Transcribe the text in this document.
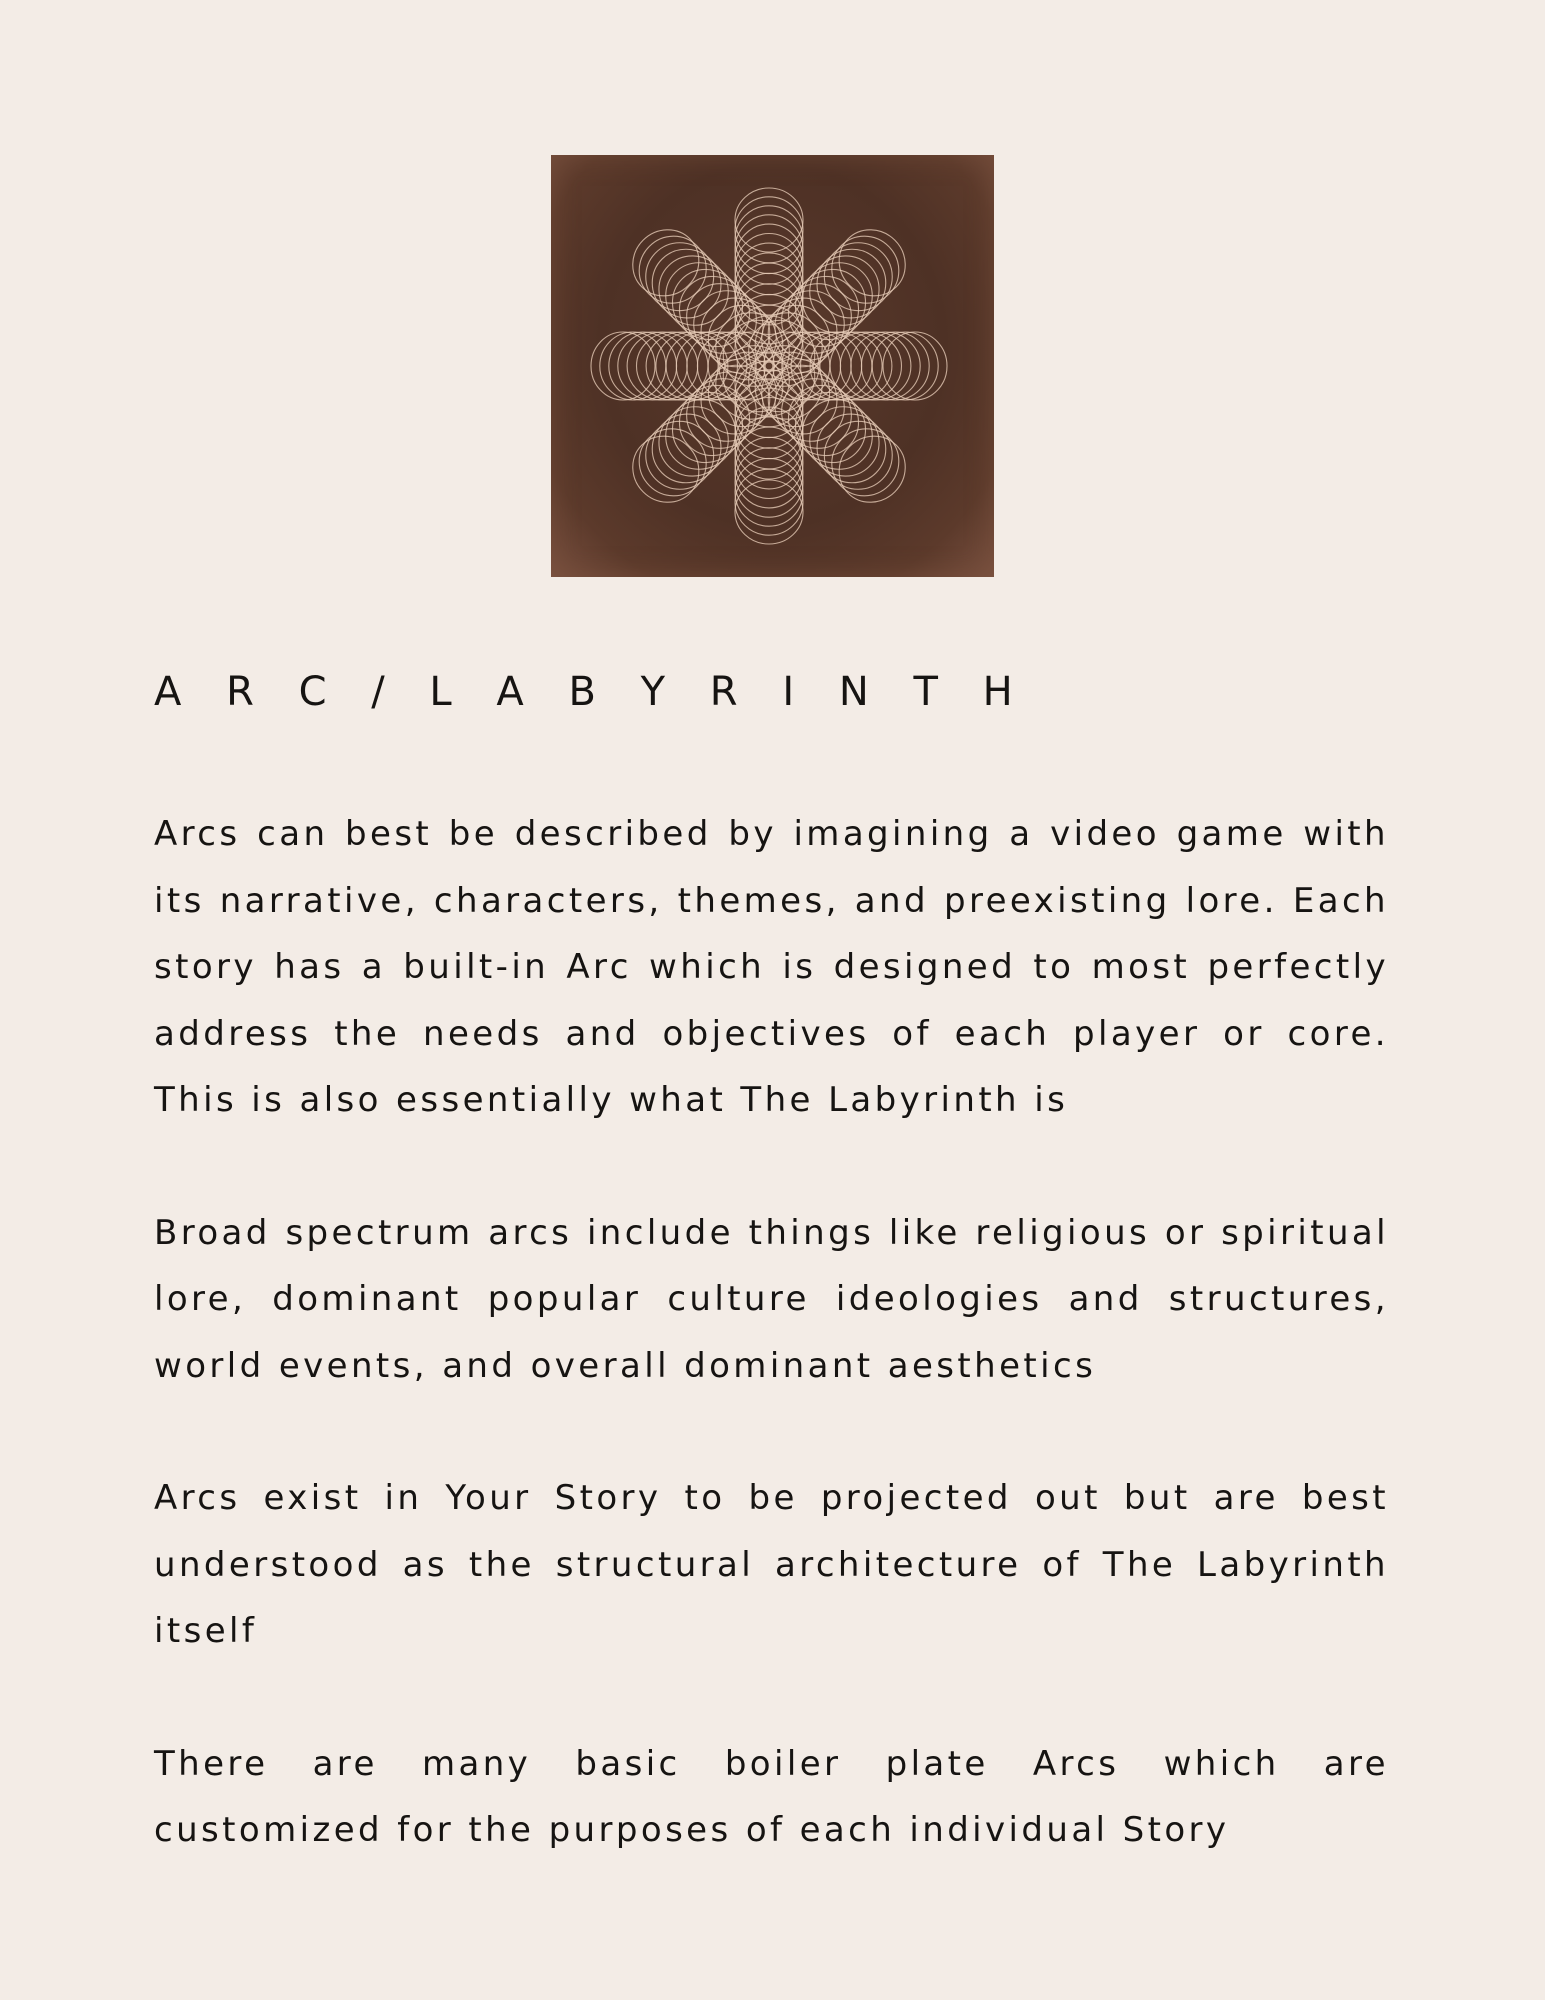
A R C / L A B Y R I N T H

Arcs can best be described by imagining a video game with its narrative, characters, themes, and preexisting lore. Each story has a built-in Arc which is designed to most perfectly address the needs and objectives of each player or core. This is also essentially what The Labyrinth is

Broad spectrum arcs include things like religious or spiritual lore, dominant popular culture ideologies and structures, world events, and overall dominant aesthetics

Arcs exist in Your Story to be projected out but are best understood as the structural architecture of The Labyrinth itself

There are many basic boiler plate Arcs which are customized for the purposes of each individual Story
